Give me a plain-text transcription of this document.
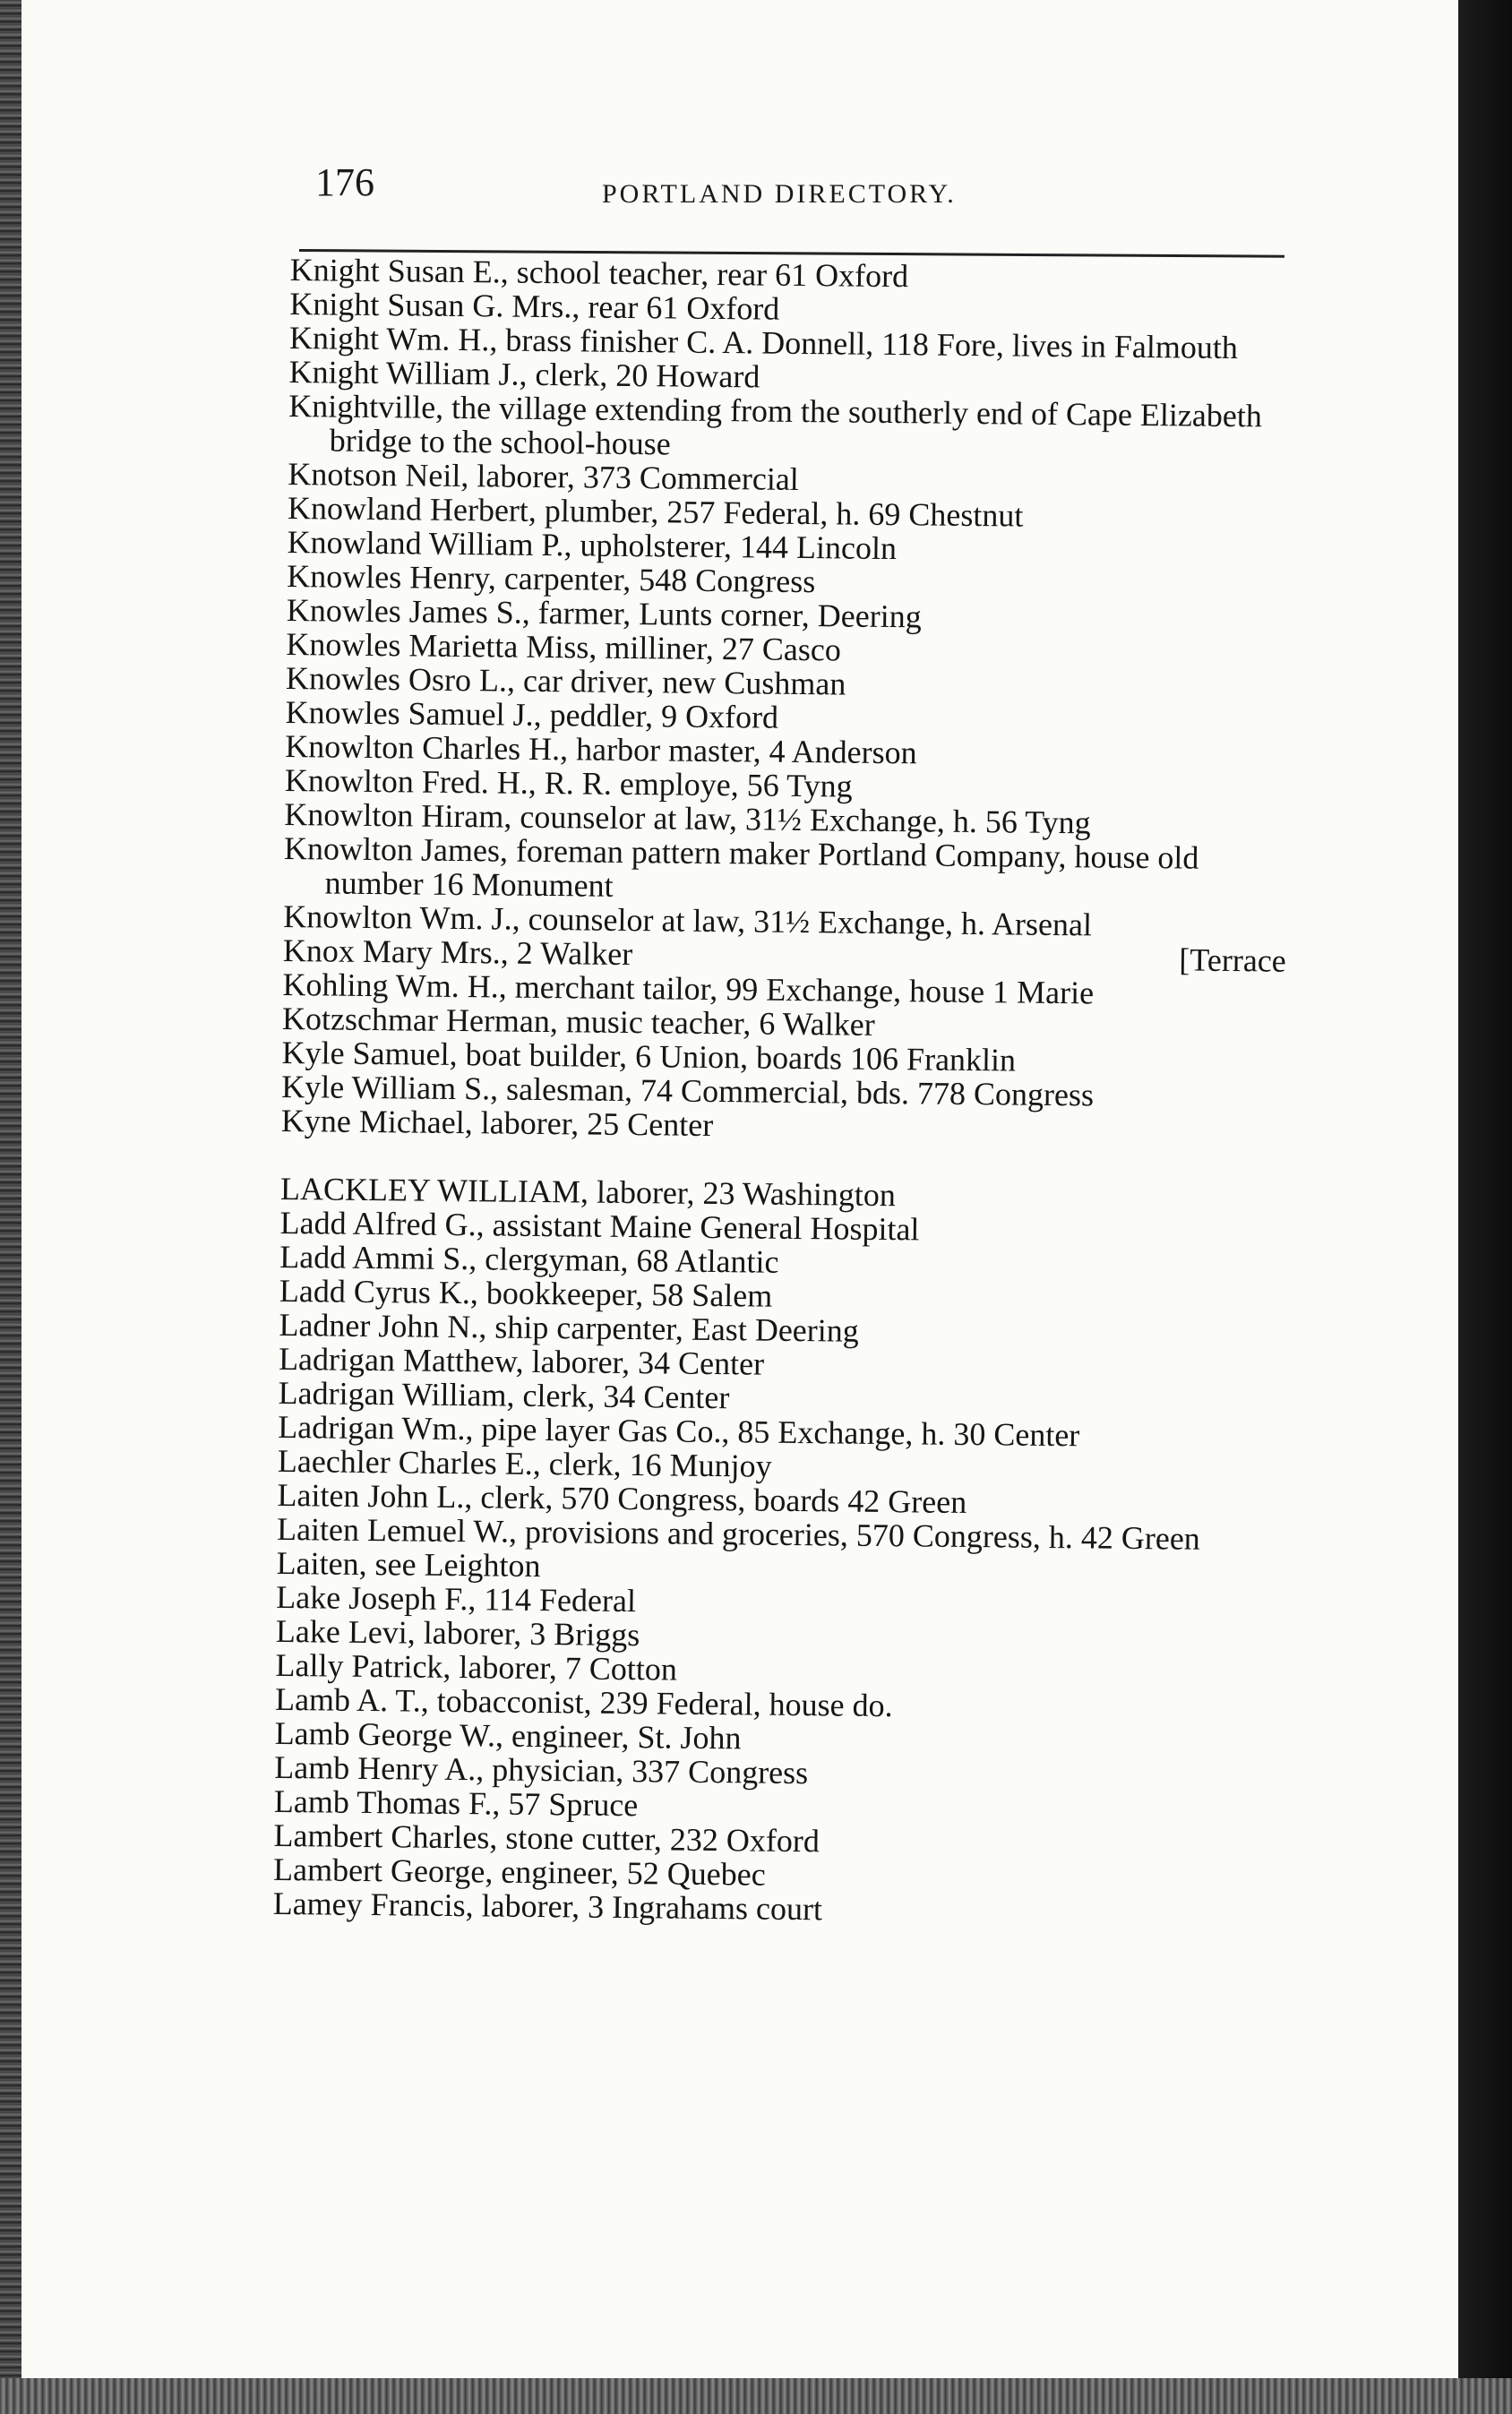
176	PORTLAND DIRECTORY.

Knight Susan E., school teacher, rear 61 Oxford

Knight Susan G. Mrs., rear 61 Oxford

Knight Wm. H., brass finisher C. A. Donnell, 118 Fore, lives in Falmouth

Knight William J., clerk, 20 Howard

Knightville, the village extending from the southerly end of Cape Elizabeth bridge to the school-house

Knotson Neil, laborer, 373 Commercial

Knowland Herbert, plumber, 257 Federal, h. 69 Chestnut

Knowland William P., upholsterer, 144 Lincoln

Knowles Henry, carpenter, 548 Congress

Knowles James S., farmer, Lunts corner, Deering

Knowles Marietta Miss, milliner, 27 Casco

Knowles Osro L., car driver, new Cushman

Knowles Samuel J., peddler, 9 Oxford

Knowlton Charles H., harbor master, 4 Anderson

Knowlton Fred. H., R. R. employe, 56 Tyng

Knowlton Hiram, counselor at law, 31½ Exchange, h. 56 Tyng

Knowlton James, foreman pattern maker Portland Company, house old number 16 Monument

Knowlton Wm. J., counselor at law, 31½ Exchange, h. Arsenal

Knox Mary Mrs., 2 Walker	[Terrace

Kohling Wm. H., merchant tailor, 99 Exchange, house 1 Marie

Kotzschmar Herman, music teacher, 6 Walker

Kyle Samuel, boat builder, 6 Union, boards 106 Franklin

Kyle William S., salesman, 74 Commercial, bds. 778 Congress

Kyne Michael, laborer, 25 Center

LACKLEY WILLIAM, laborer, 23 Washington

Ladd Alfred G., assistant Maine General Hospital

Ladd Ammi S., clergyman, 68 Atlantic

Ladd Cyrus K., bookkeeper, 58 Salem

Ladner John N., ship carpenter, East Deering

Ladrigan Matthew, laborer, 34 Center

Ladrigan William, clerk, 34 Center

Ladrigan Wm., pipe layer Gas Co., 85 Exchange, h. 30 Center

Laechler Charles E., clerk, 16 Munjoy

Laiten John L., clerk, 570 Congress, boards 42 Green

Laiten Lemuel W., provisions and groceries, 570 Congress, h. 42 Green

Laiten, see Leighton

Lake Joseph F., 114 Federal

Lake Levi, laborer, 3 Briggs

Lally Patrick, laborer, 7 Cotton

Lamb A. T., tobacconist, 239 Federal, house do.

Lamb George W., engineer, St. John

Lamb Henry A., physician, 337 Congress

Lamb Thomas F., 57 Spruce

Lambert Charles, stone cutter, 232 Oxford

Lambert George, engineer, 52 Quebec

Lamey Francis, laborer, 3 Ingrahams court
